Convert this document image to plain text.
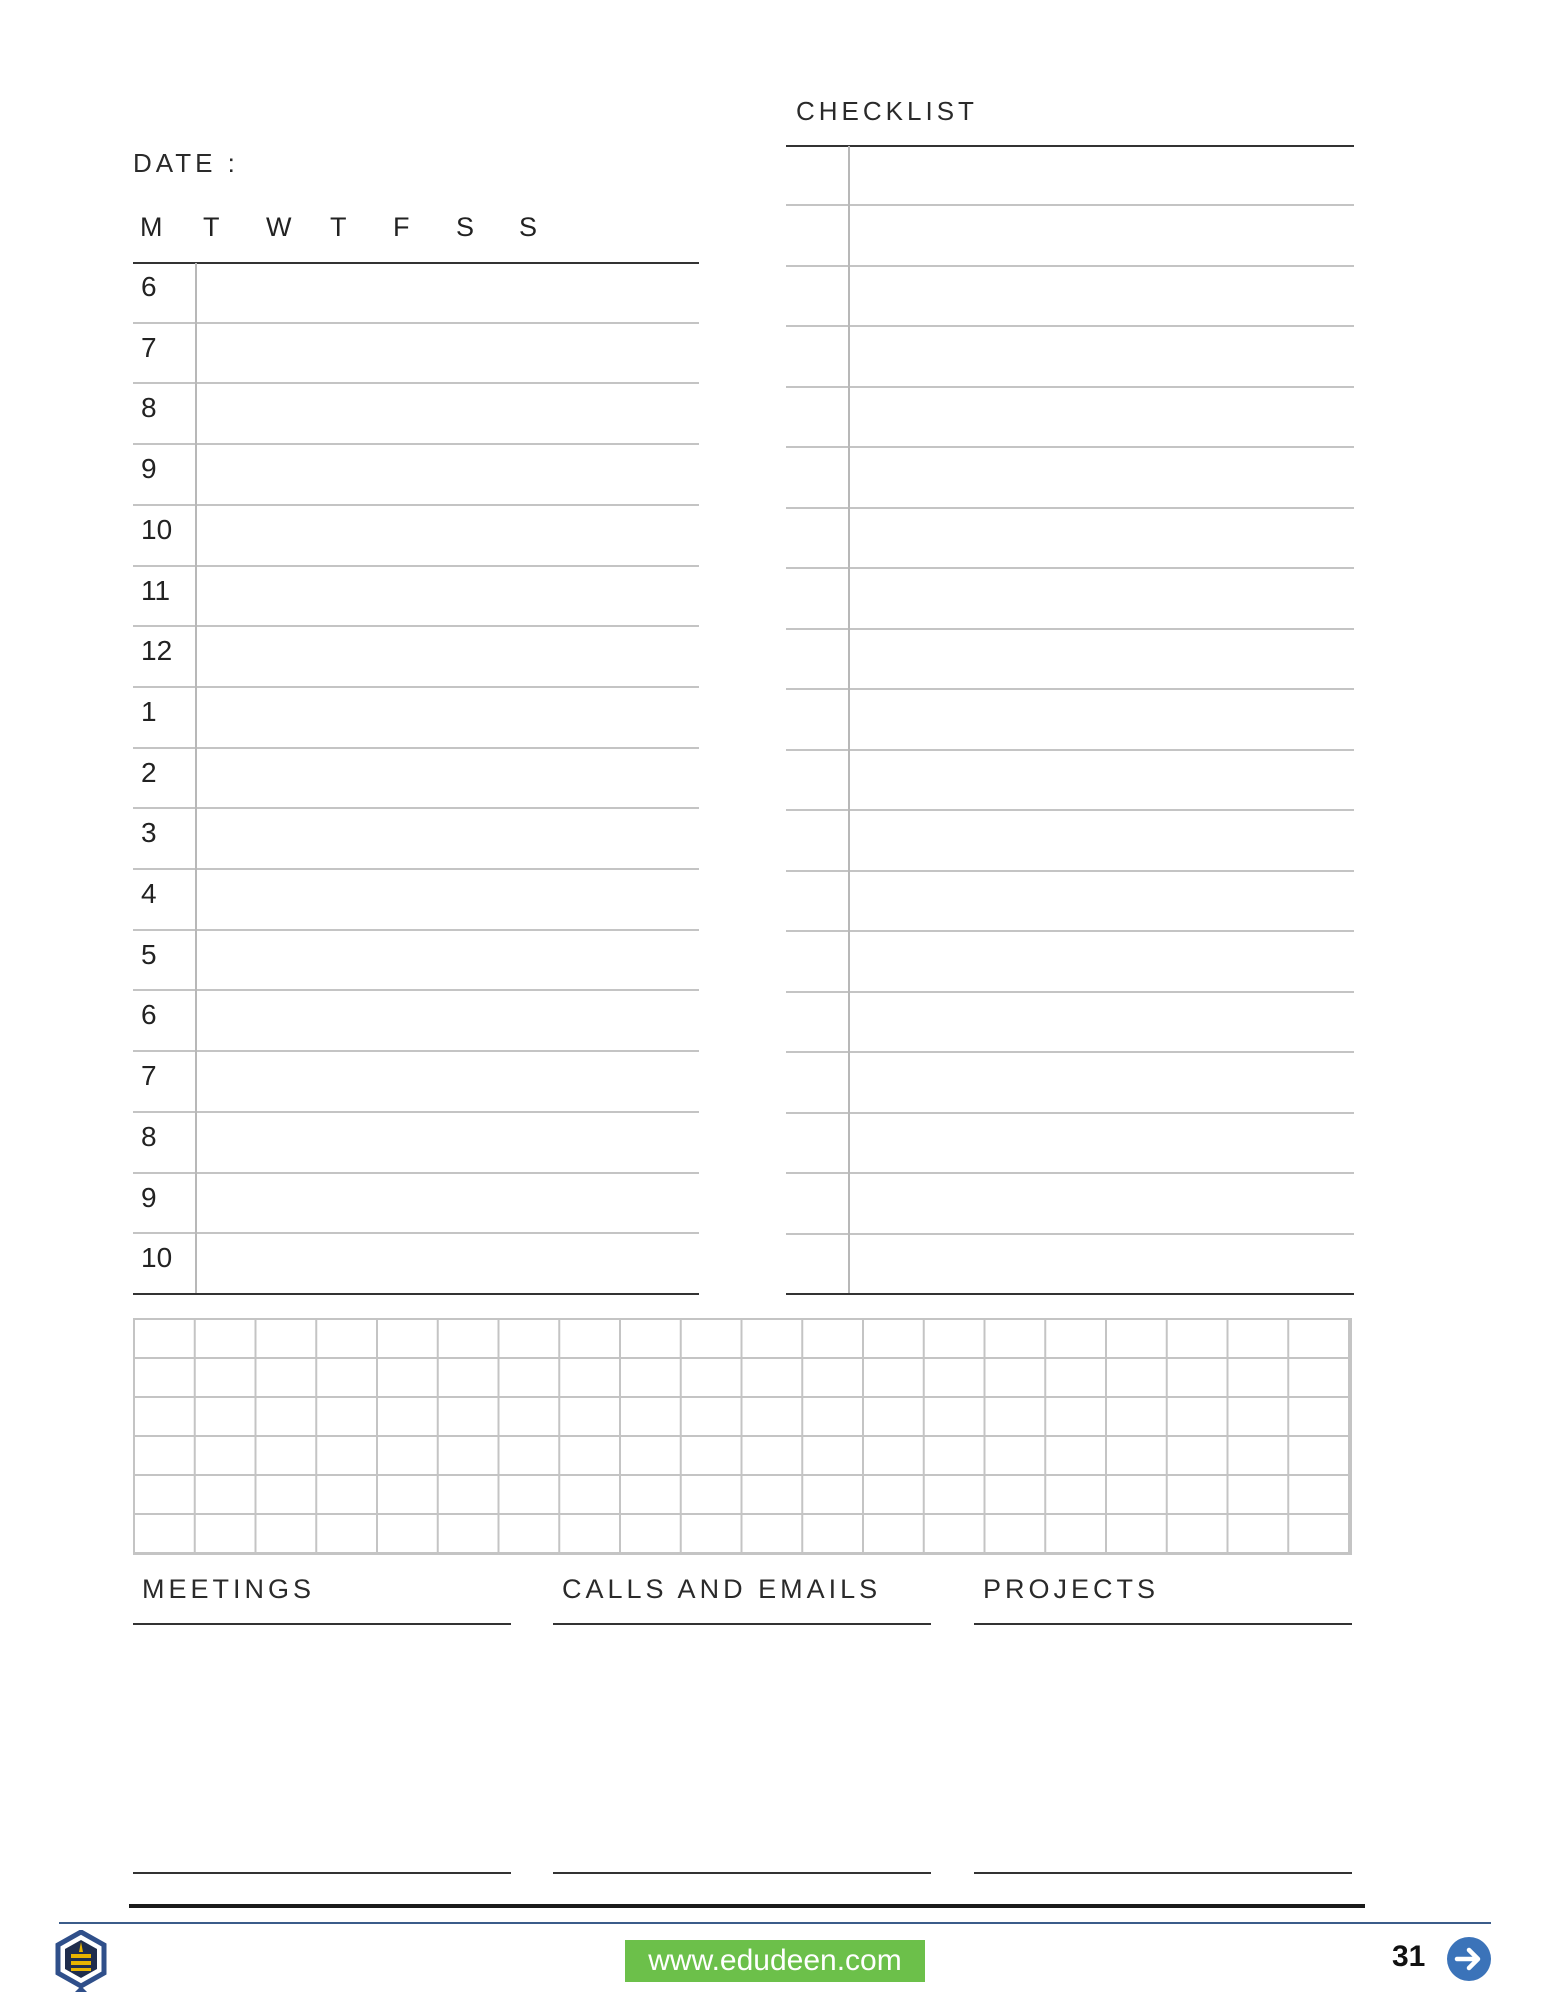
DATE :
M T W T F S S
6
7
8
9
10
11
12
1
2
3
4
5
6
7
8
9
10
CHECKLIST
MEETINGS	CALLS AND EMAILS	PROJECTS
www.edudeen.com	31
